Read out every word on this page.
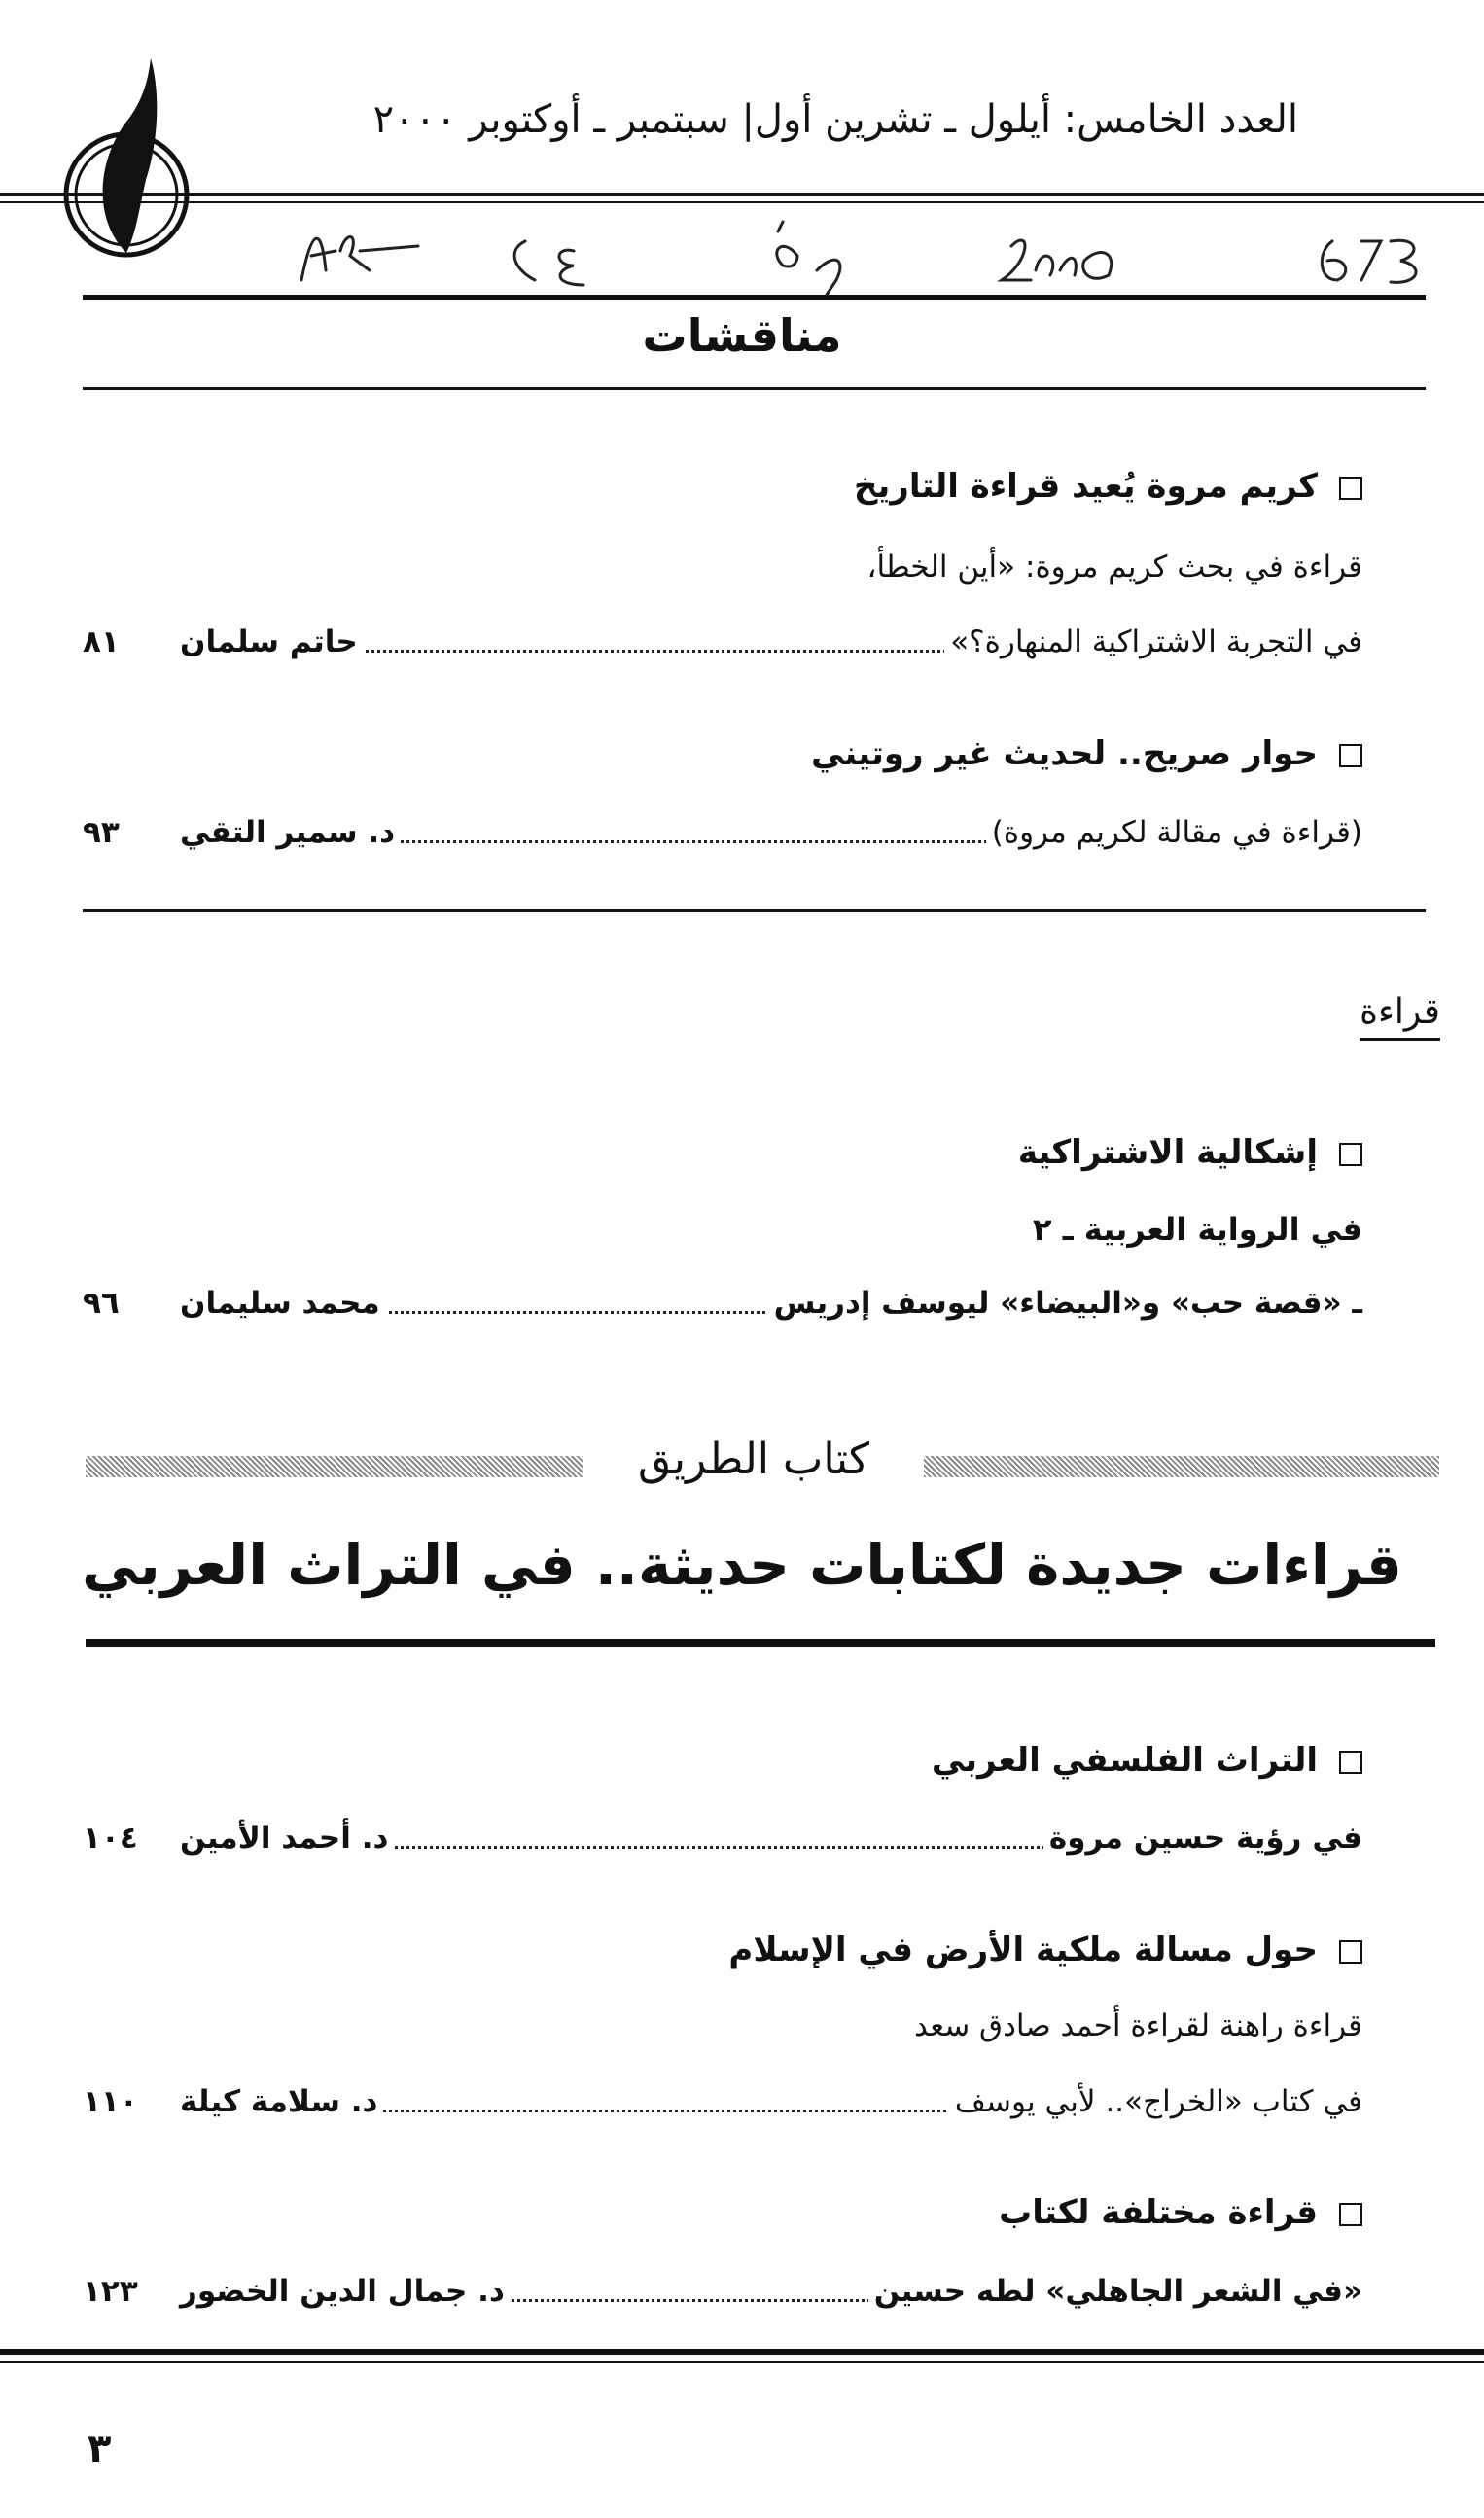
العدد الخامس: أيلول ـ تشرين أول| سبتمبر ـ أوكتوبر ٢٠٠٠
مناقشات
كريم مروة يُعيد قراءة التاريخ
قراءة في بحث كريم مروة: «أين الخطأ،
في التجربة الاشتراكية المنهارة؟»
حاتم سلمان
٨١
حوار صريح.. لحديث غير روتيني
(قراءة في مقالة لكريم مروة)
د. سمير التقي
٩٣
قراءة
إشكالية الاشتراكية
في الرواية العربية ـ ٢
ـ «قصة حب» و«البيضاء» ليوسف إدريس
محمد سليمان
٩٦
كتاب الطريق
قراءات جديدة لكتابات حديثة.. في التراث العربي
التراث الفلسفي العربي
في رؤية حسين مروة
د. أحمد الأمين
١٠٤
حول مسالة ملكية الأرض في الإسلام
قراءة راهنة لقراءة أحمد صادق سعد
في كتاب «الخراج».. لأبي يوسف
د. سلامة كيلة
١١٠
قراءة مختلفة لكتاب
«في الشعر الجاهلي» لطه حسين
د. جمال الدين الخضور
١٢٣
٣
